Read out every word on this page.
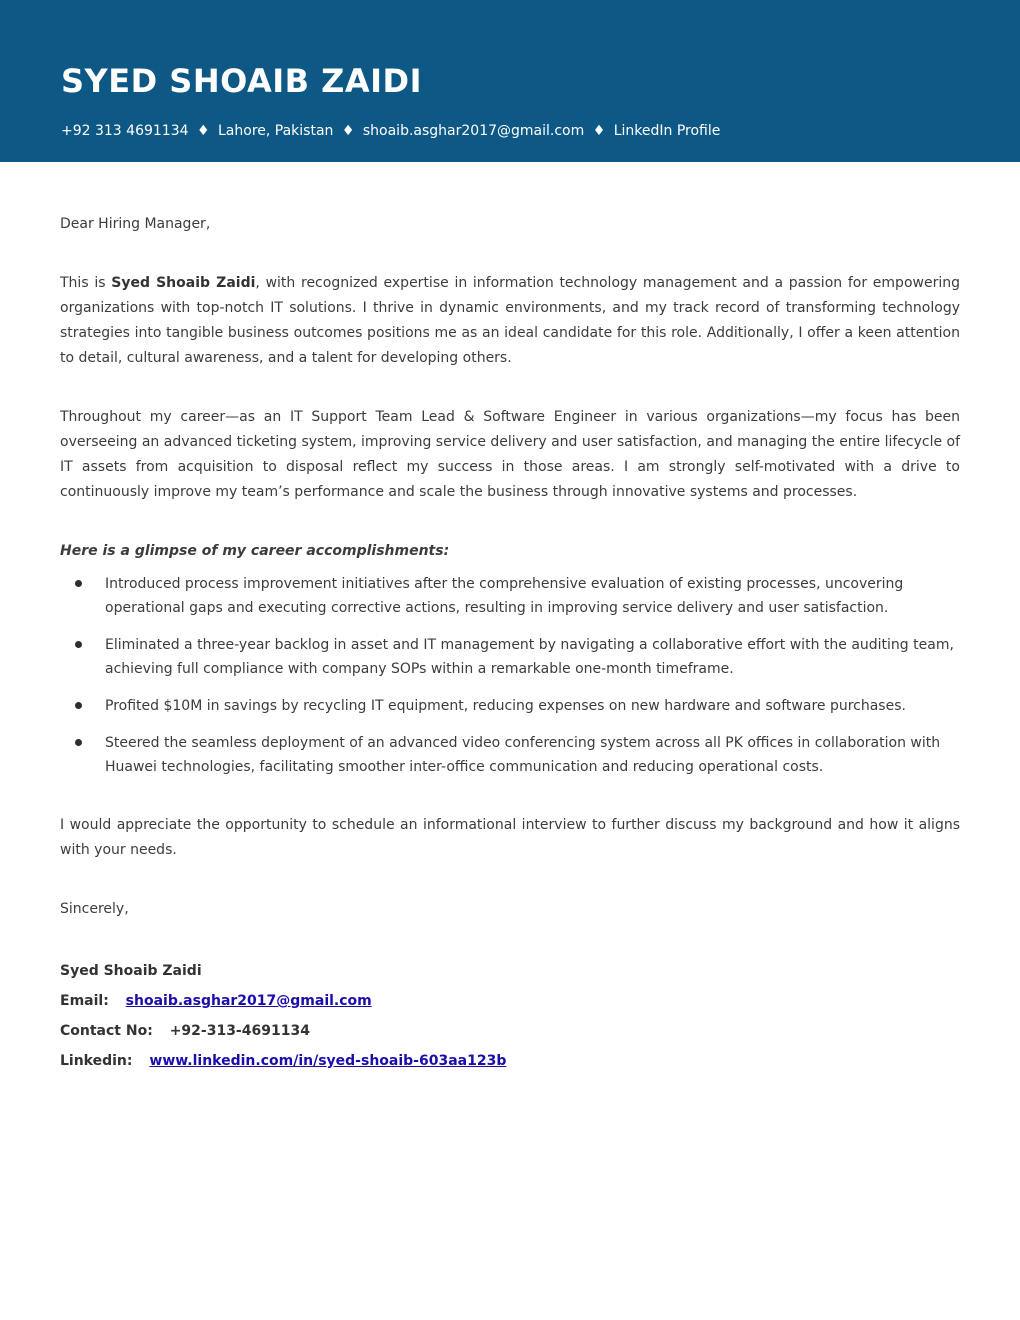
SYED SHOAIB ZAIDI
+92 313 4691134 ♦ Lahore, Pakistan ♦ shoaib.asghar2017@gmail.com ♦ LinkedIn Profile

Dear Hiring Manager,

This is Syed Shoaib Zaidi, with recognized expertise in information technology management and a passion for empowering organizations with top-notch IT solutions. I thrive in dynamic environments, and my track record of transforming technology strategies into tangible business outcomes positions me as an ideal candidate for this role. Additionally, I offer a keen attention to detail, cultural awareness, and a talent for developing others.

Throughout my career—as an IT Support Team Lead & Software Engineer in various organizations—my focus has been overseeing an advanced ticketing system, improving service delivery and user satisfaction, and managing the entire lifecycle of IT assets from acquisition to disposal reflect my success in those areas. I am strongly self-motivated with a drive to continuously improve my team’s performance and scale the business through innovative systems and processes.

Here is a glimpse of my career accomplishments:

Introduced process improvement initiatives after the comprehensive evaluation of existing processes, uncovering operational gaps and executing corrective actions, resulting in improving service delivery and user satisfaction.
Eliminated a three-year backlog in asset and IT management by navigating a collaborative effort with the auditing team, achieving full compliance with company SOPs within a remarkable one-month timeframe.
Profited $10M in savings by recycling IT equipment, reducing expenses on new hardware and software purchases.
Steered the seamless deployment of an advanced video conferencing system across all PK offices in collaboration with Huawei technologies, facilitating smoother inter-office communication and reducing operational costs.

I would appreciate the opportunity to schedule an informational interview to further discuss my background and how it aligns with your needs.

Sincerely,

Syed Shoaib Zaidi
Email: shoaib.asghar2017@gmail.com
Contact No: +92-313-4691134
Linkedin: www.linkedin.com/in/syed-shoaib-603aa123b
